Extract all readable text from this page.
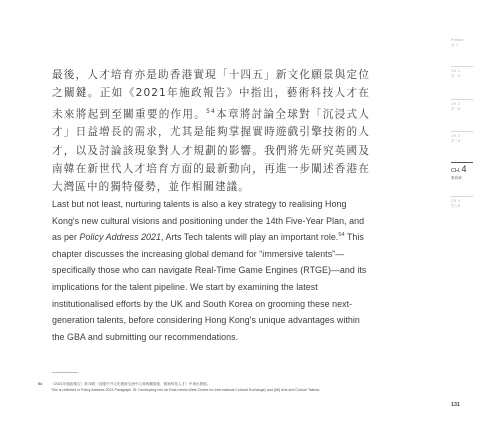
最後，人才培育亦是助香港實現「十四五」新文化願景與定位之關鍵。正如《2021年施政報告》中指出，藝術科技人才在未來將起到至關重要的作用。$^{54}$本章將討論全球對「沉浸式人才」日益增長的需求，尤其是能夠掌握實時遊戲引擎技術的人才，以及討論該現象對人才規劃的影響。我們將先研究英國及南韓在新世代人才培育方面的最新動向，再進一步闡述香港在大灣區中的獨特優勢，並作相關建議。
Last but not least, nurturing talents is also a key strategy to realising Hong Kong's new cultural visions and positioning under the 14th Five-Year Plan, and as per Policy Address 2021, Arts Tech talents will play an important role.$^{54}$ This chapter discusses the increasing global demand for “immersive talents”—specifically those who can navigate Real-Time Game Engines (RTGE)—and its implications for the talent pipeline. We start by examining the latest institutionalised efforts by the UK and South Korea on grooming these next-generation talents, before considering Hong Kong's unique advantages within the GBA and submitting our recommendations.
54	《2021年施政報告》第78段（加強中外文化藝術交流中心與相關措施，藝術科技人才）中指出發展。
This is reflected in Policy Address 2021 Paragraph 78: Developing into an East-meets-West Centre for International Cultural Exchange) and (68) Arts and Culture Talents.
131
Preface
前 言
CH. 1
第一章
CH. 2
第二章
CH. 3
第三章
CH.4
第四章
CH. 5
第五章
